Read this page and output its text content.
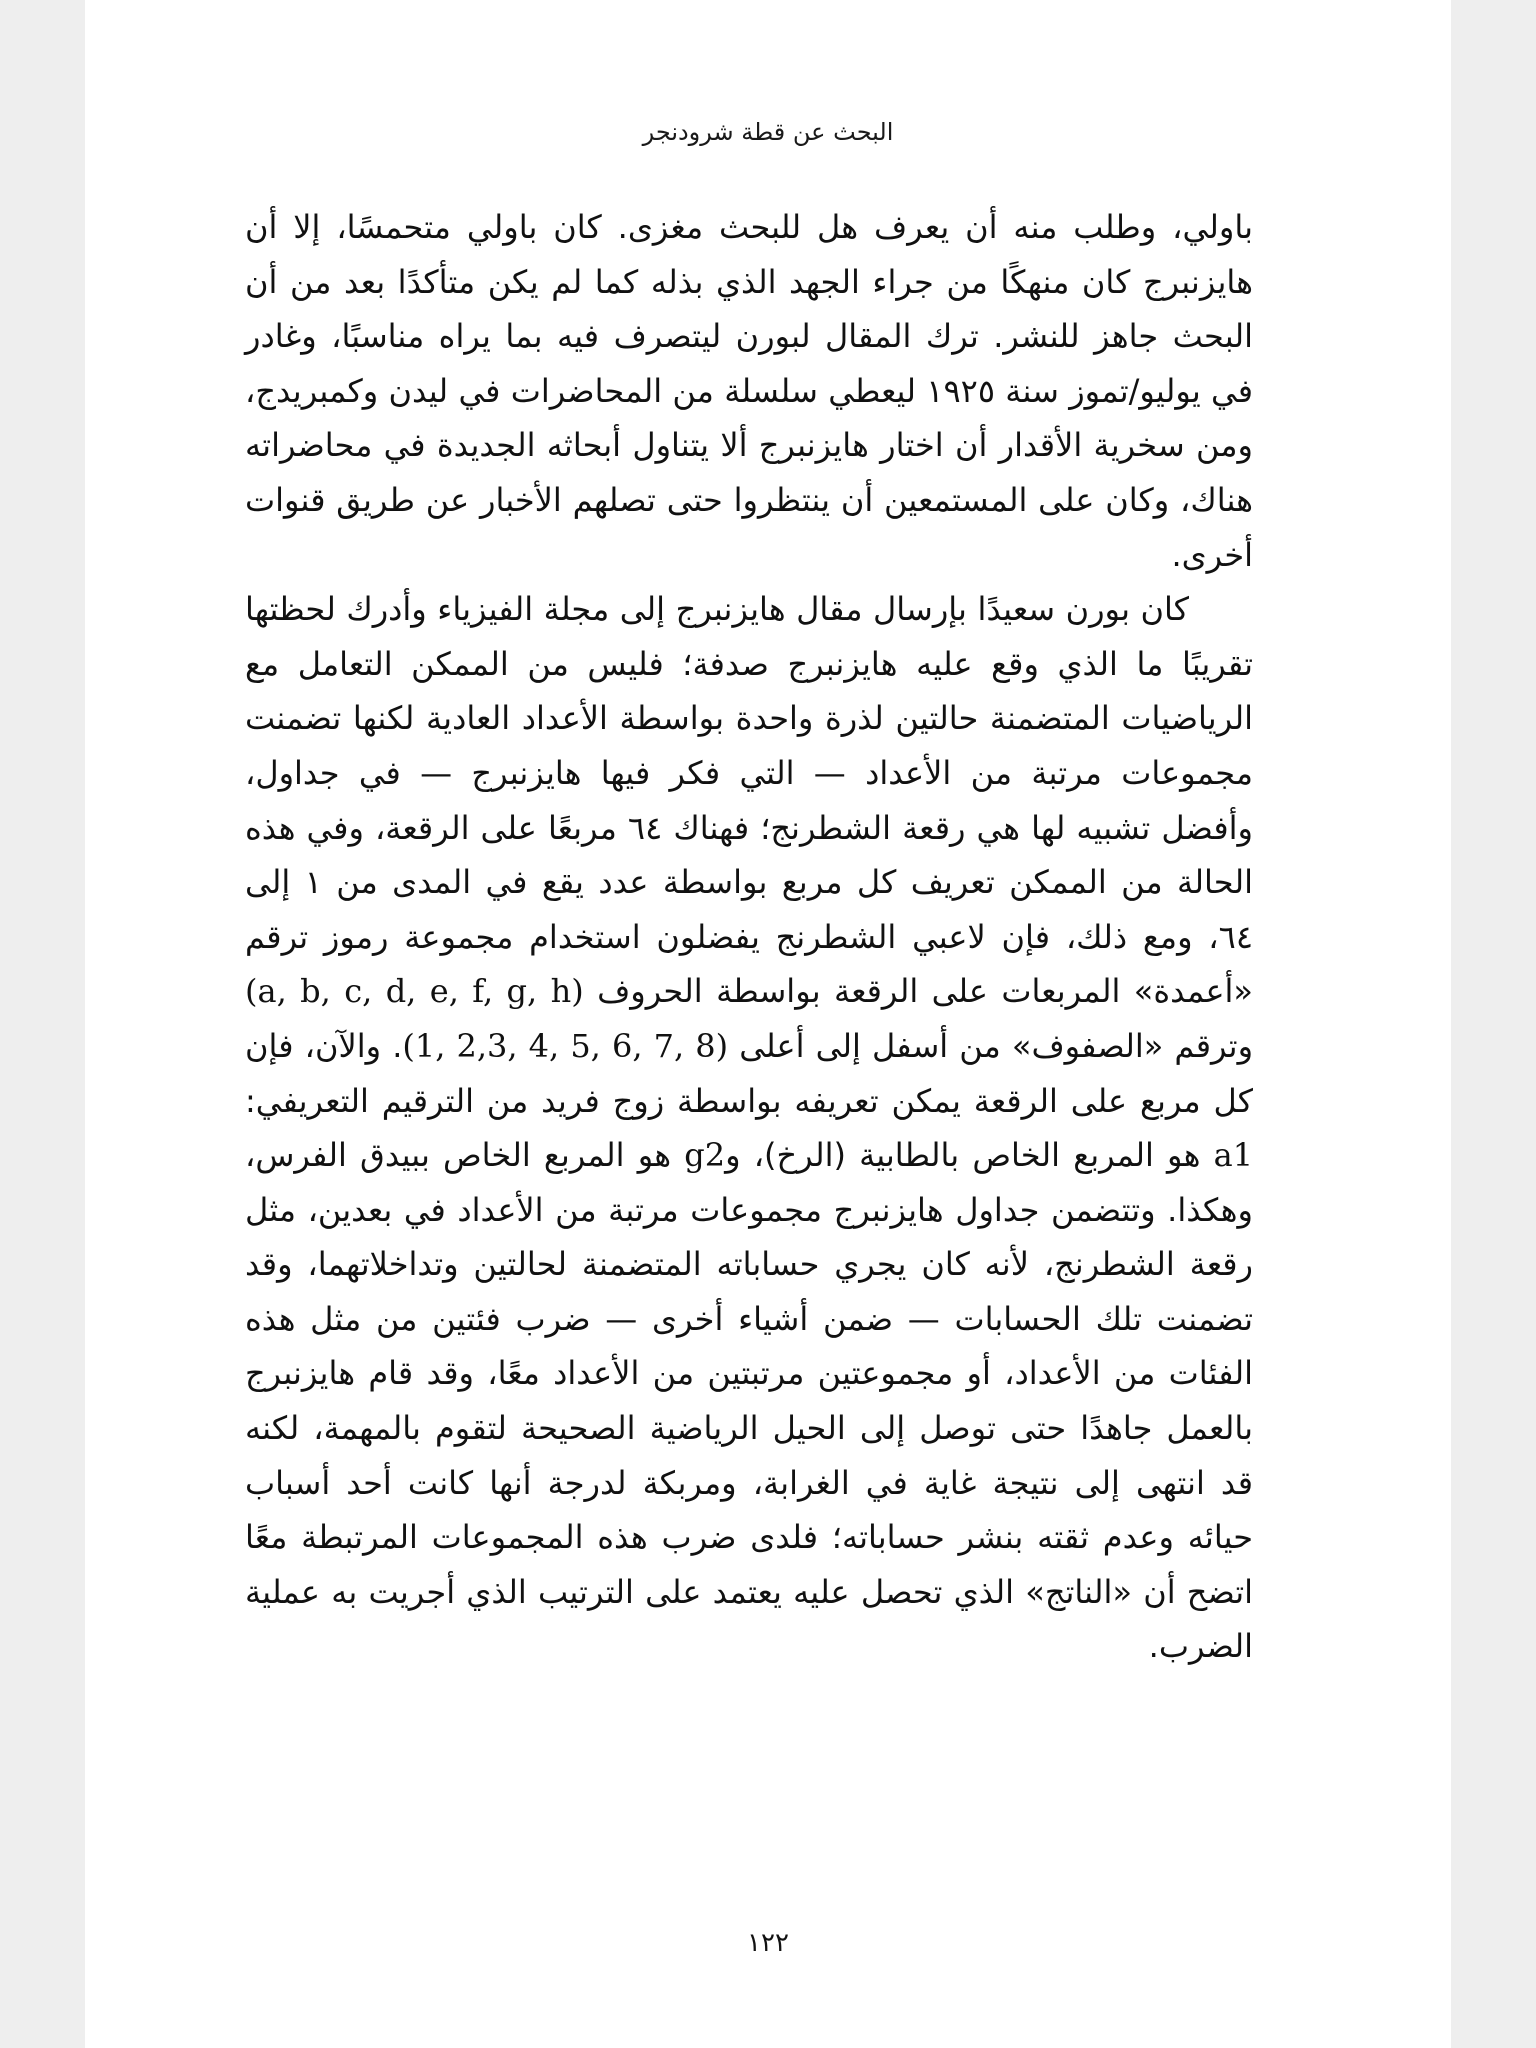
البحث عن قطة شرودنجر

باولي، وطلب منه أن يعرف هل للبحث مغزى. كان باولي متحمسًا، إلا أن هايزنبرج كان منهكًا من جراء الجهد الذي بذله كما لم يكن متأكدًا بعد من أن البحث جاهز للنشر. ترك المقال لبورن ليتصرف فيه بما يراه مناسبًا، وغادر في يوليو/تموز سنة ١٩٢٥ ليعطي سلسلة من المحاضرات في ليدن وكمبريدج، ومن سخرية الأقدار أن اختار هايزنبرج ألا يتناول أبحاثه الجديدة في محاضراته هناك، وكان على المستمعين أن ينتظروا حتى تصلهم الأخبار عن طريق قنوات أخرى.

كان بورن سعيدًا بإرسال مقال هايزنبرج إلى مجلة الفيزياء وأدرك لحظتها تقريبًا ما الذي وقع عليه هايزنبرج صدفة؛ فليس من الممكن التعامل مع الرياضيات المتضمنة حالتين لذرة واحدة بواسطة الأعداد العادية لكنها تضمنت مجموعات مرتبة من الأعداد — التي فكر فيها هايزنبرج — في جداول، وأفضل تشبيه لها هي رقعة الشطرنج؛ فهناك ٦٤ مربعًا على الرقعة، وفي هذه الحالة من الممكن تعريف كل مربع بواسطة عدد يقع في المدى من ١ إلى ٦٤، ومع ذلك، فإن لاعبي الشطرنج يفضلون استخدام مجموعة رموز ترقم «أعمدة» المربعات على الرقعة بواسطة الحروف (a, b, c, d, e, f, g, h) وترقم «الصفوف» من أسفل إلى أعلى (1, 2,3, 4, 5, 6, 7, 8). والآن، فإن كل مربع على الرقعة يمكن تعريفه بواسطة زوج فريد من الترقيم التعريفي: a1 هو المربع الخاص بالطابية (الرخ)، وg2 هو المربع الخاص ببيدق الفرس، وهكذا. وتتضمن جداول هايزنبرج مجموعات مرتبة من الأعداد في بعدين، مثل رقعة الشطرنج، لأنه كان يجري حساباته المتضمنة لحالتين وتداخلاتهما، وقد تضمنت تلك الحسابات — ضمن أشياء أخرى — ضرب فئتين من مثل هذه الفئات من الأعداد، أو مجموعتين مرتبتين من الأعداد معًا، وقد قام هايزنبرج بالعمل جاهدًا حتى توصل إلى الحيل الرياضية الصحيحة لتقوم بالمهمة، لكنه قد انتهى إلى نتيجة غاية في الغرابة، ومربكة لدرجة أنها كانت أحد أسباب حيائه وعدم ثقته بنشر حساباته؛ فلدى ضرب هذه المجموعات المرتبطة معًا اتضح أن «الناتج» الذي تحصل عليه يعتمد على الترتيب الذي أجريت به عملية الضرب.

١٢٢
